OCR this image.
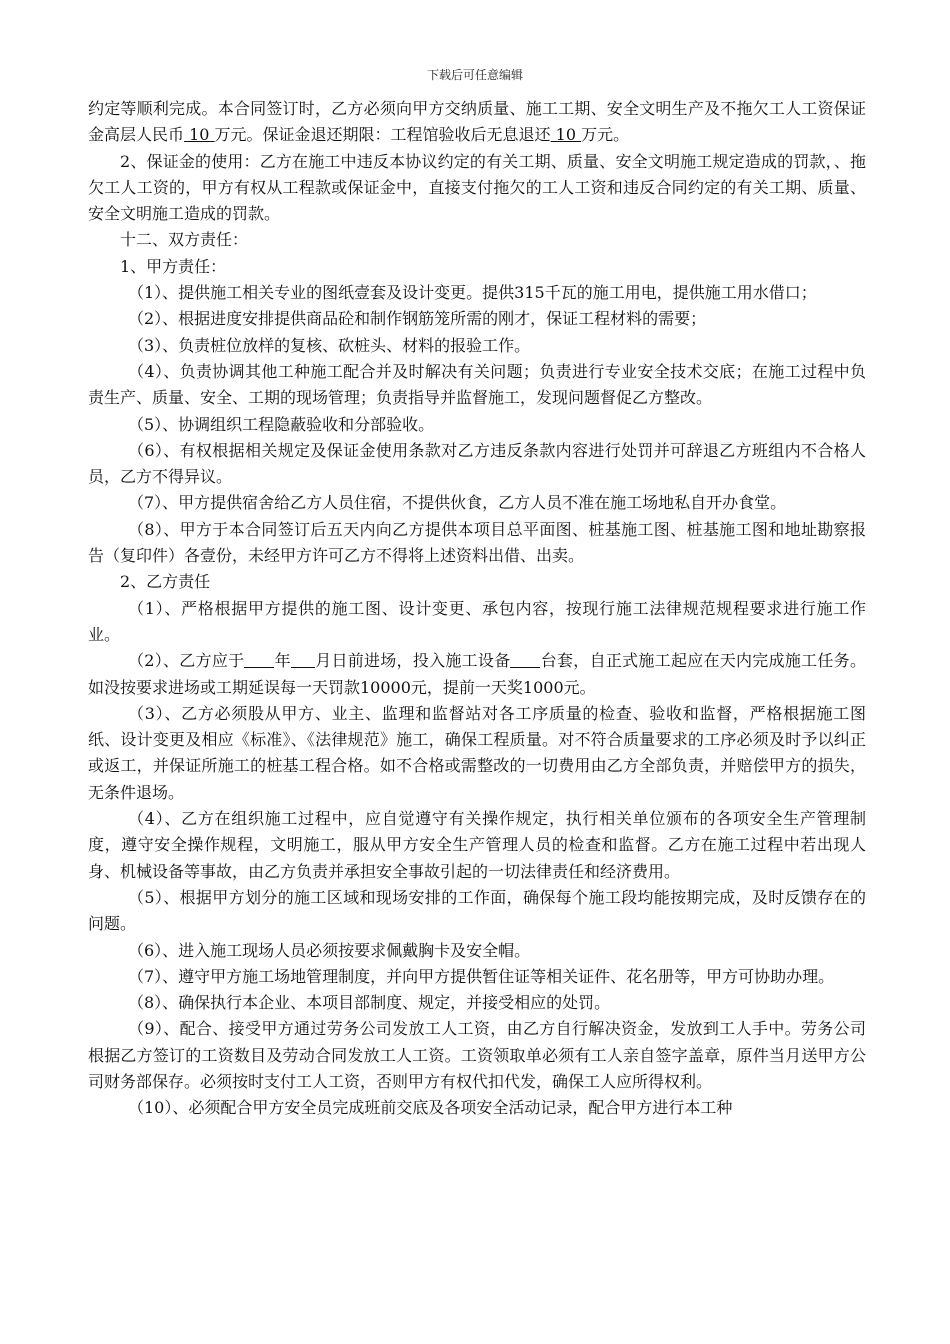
下载后可任意编辑

约定等顺利完成。本合同签订时，乙方必须向甲方交纳质量、施工工期、安全文明生产及不拖欠工人工资保证金高层人民币 10 万元。保证金退还期限：工程馆验收后无息退还 10 万元。

2、保证金的使用：乙方在施工中违反本协议约定的有关工期、质量、安全文明施工规定造成的罚款，、拖欠工人工资的，甲方有权从工程款或保证金中，直接支付拖欠的工人工资和违反合同约定的有关工期、质量、安全文明施工造成的罚款。

十二、双方责任：

1、甲方责任：

（1）、提供施工相关专业的图纸壹套及设计变更。提供315千瓦的施工用电，提供施工用水借口；

（2）、根据进度安排提供商品砼和制作钢筋笼所需的刚才，保证工程材料的需要；

（3）、负责桩位放样的复核、砍桩头、材料的报验工作。

（4）、负责协调其他工种施工配合并及时解决有关问题；负责进行专业安全技术交底；在施工过程中负责生产、质量、安全、工期的现场管理；负责指导并监督施工，发现问题督促乙方整改。

（5）、协调组织工程隐蔽验收和分部验收。

（6）、有权根据相关规定及保证金使用条款对乙方违反条款内容进行处罚并可辞退乙方班组内不合格人员，乙方不得异议。

（7）、甲方提供宿舍给乙方人员住宿，不提供伙食，乙方人员不准在施工场地私自开办食堂。

（8）、甲方于本合同签订后五天内向乙方提供本项目总平面图、桩基施工图、桩基施工图和地址勘察报告（复印件）各壹份，未经甲方许可乙方不得将上述资料出借、出卖。

2、乙方责任

（1）、严格根据甲方提供的施工图、设计变更、承包内容，按现行施工法律规范规程要求进行施工作业。

（2）、乙方应于 年 月日前进场，投入施工设备 台套，自正式施工起应在天内完成施工任务。如没按要求进场或工期延误每一天罚款10000元，提前一天奖1000元。

（3）、乙方必须股从甲方、业主、监理和监督站对各工序质量的检查、验收和监督，严格根据施工图纸、设计变更及相应《标准》、《法律规范》施工，确保工程质量。对不符合质量要求的工序必须及时予以纠正或返工，并保证所施工的桩基工程合格。如不合格或需整改的一切费用由乙方全部负责，并赔偿甲方的损失，无条件退场。

（4）、乙方在组织施工过程中，应自觉遵守有关操作规定，执行相关单位颁布的各项安全生产管理制度，遵守安全操作规程，文明施工，服从甲方安全生产管理人员的检查和监督。乙方在施工过程中若出现人身、机械设备等事故，由乙方负责并承担安全事故引起的一切法律责任和经济费用。

（5）、根据甲方划分的施工区域和现场安排的工作面，确保每个施工段均能按期完成，及时反馈存在的问题。

（6）、进入施工现场人员必须按要求佩戴胸卡及安全帽。

（7）、遵守甲方施工场地管理制度，并向甲方提供暂住证等相关证件、花名册等，甲方可协助办理。

（8）、确保执行本企业、本项目部制度、规定，并接受相应的处罚。

（9）、配合、接受甲方通过劳务公司发放工人工资，由乙方自行解决资金，发放到工人手中。劳务公司根据乙方签订的工资数目及劳动合同发放工人工资。工资领取单必须有工人亲自签字盖章，原件当月送甲方公司财务部保存。必须按时支付工人工资，否则甲方有权代扣代发，确保工人应所得权利。

（10）、必须配合甲方安全员完成班前交底及各项安全活动记录，配合甲方进行本工种
